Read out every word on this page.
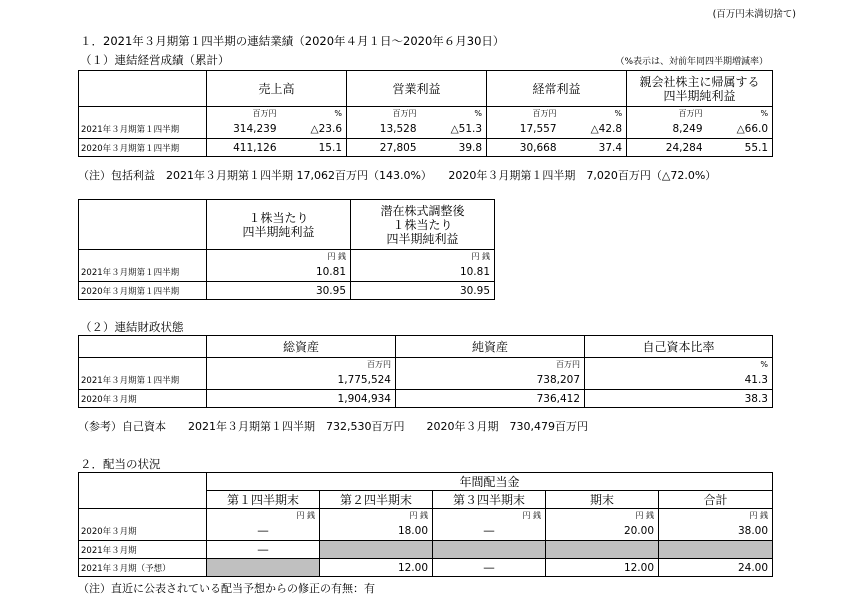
(百万円未満切捨て)
１．2021年３月期第１四半期の連結業績（2020年４月１日～2020年６月30日）
（１）連結経営成績（累計）	（%表示は、対前年同四半期増減率）
	売上高		営業利益		経常利益		親会社株主に帰属する
四半期純利益	
	百万円	%	百万円	%	百万円	%	百万円	%
2021年３月期第１四半期	314,239	△23.6	13,528	△51.3	17,557	△42.8	8,249	△66.0
2020年３月期第１四半期	411,126	15.1	27,805	39.8	30,668	37.4	24,284	55.1
（注）包括利益　2021年３月期第１四半期 17,062百万円（143.0%）　　2020年３月期第１四半期　7,020百万円（△72.0%）
	１株当たり
四半期純利益	潜在株式調整後
１株当たり
四半期純利益
	円 銭	円 銭
2021年３月期第１四半期	10.81	10.81
2020年３月期第１四半期	30.95	30.95
（２）連結財政状態
	総資産	純資産	自己資本比率
	百万円	百万円	%
2021年３月期第１四半期	1,775,524	738,207	41.3
2020年３月期	1,904,934	736,412	38.3
（参考）自己資本　　2021年３月期第１四半期　732,530百万円　　2020年３月期　730,479百万円
２．配当の状況
	年間配当金				
	第１四半期末	第２四半期末	第３四半期末	期末	合計
	円 銭	円 銭	円 銭	円 銭	円 銭
2020年３月期	―	18.00	―	20.00	38.00
2021年３月期	―				
2021年３月期（予想）		12.00	―	12.00	24.00
（注）直近に公表されている配当予想からの修正の有無：有
